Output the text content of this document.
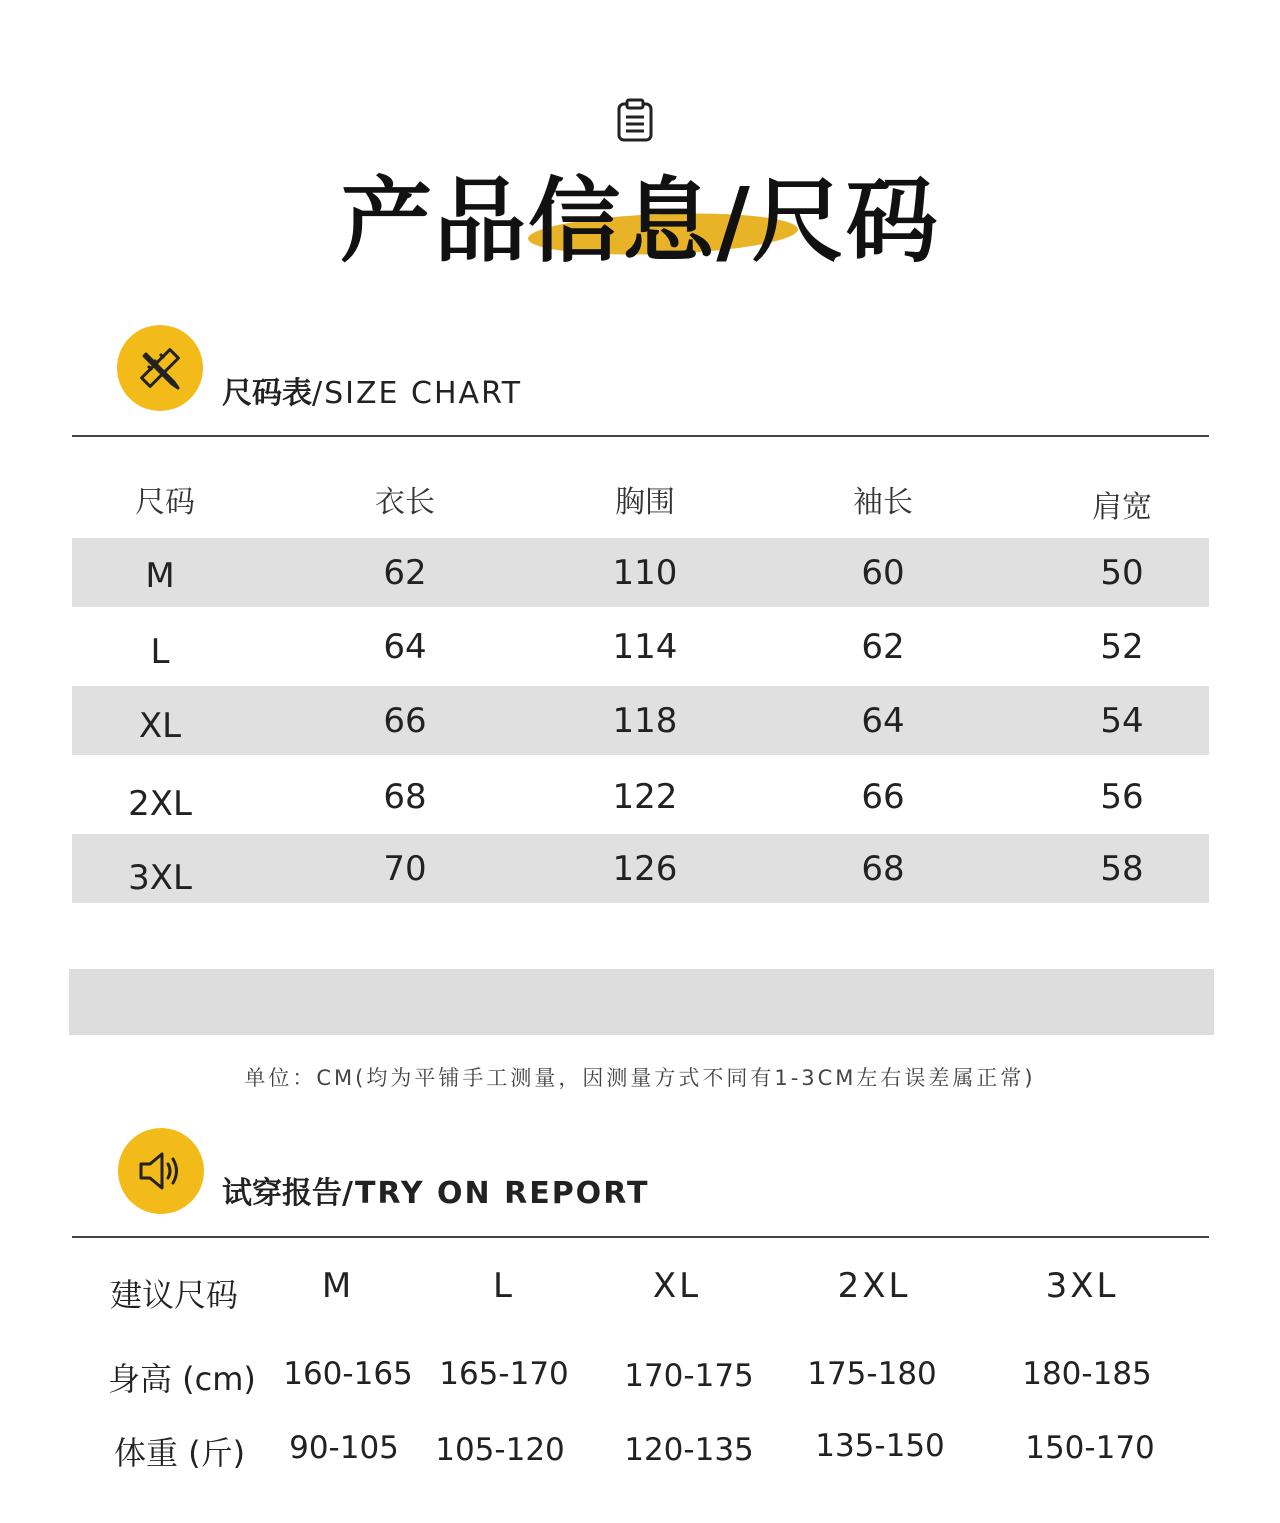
产品信息/尺码
尺码表/SIZE CHART
尺码	衣长	胸围	袖长	肩宽
M	62	110	60	50
L	64	114	62	52
XL	66	118	64	54
2XL	68	122	66	56
3XL	70	126	68	58
单位：CM(均为平铺手工测量，因测量方式不同有1-3CM左右误差属正常)
试穿报告/TRY ON REPORT
建议尺码 M	L	XL	2XL	3XL
身高 (cm) 160-165 165-170 170-175 175-180	180-185
体重 (斤) 90-105 105-120 120-135 135-150	150-170
